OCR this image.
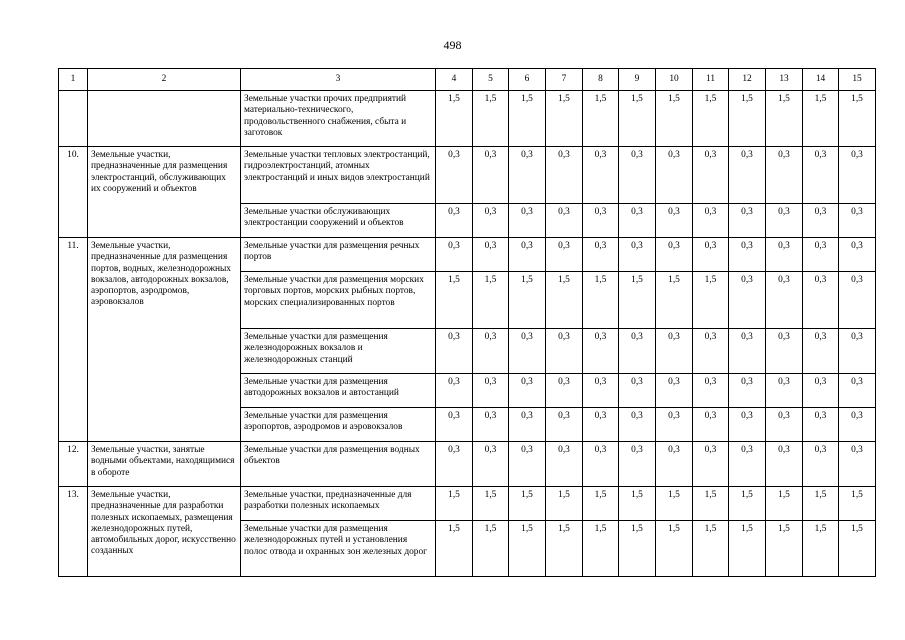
498
1	2	3	4	5	6	7	8	9	10	11	12	13	14	15
		Земельные участки прочих предприятий материально-технического, продовольственного снабжения, сбыта и заготовок	1,5	1,5	1,5	1,5	1,5	1,5	1,5	1,5	1,5	1,5	1,5	1,5
10.	Земельные участки, предназначенные для размещения электростанций, обслуживающих их сооружений и объектов	Земельные участки тепловых электростанций, гидроэлектростанций, атомных электростанций и иных видов электростанций	0,3	0,3	0,3	0,3	0,3	0,3	0,3	0,3	0,3	0,3	0,3	0,3
		Земельные участки обслуживающих электростанции сооружений и объектов	0,3	0,3	0,3	0,3	0,3	0,3	0,3	0,3	0,3	0,3	0,3	0,3
11.	Земельные участки, предназначенные для размещения портов, водных, железнодорожных вокзалов, автодорожных вокзалов, аэропортов, аэродромов, аэровокзалов	Земельные участки для размещения речных портов	0,3	0,3	0,3	0,3	0,3	0,3	0,3	0,3	0,3	0,3	0,3	0,3
		Земельные участки для размещения морских торговых портов, морских рыбных портов, морских специализированных портов	1,5	1,5	1,5	1,5	1,5	1,5	1,5	1,5	0,3	0,3	0,3	0,3
		Земельные участки для размещения железнодорожных вокзалов и железнодорожных станций	0,3	0,3	0,3	0,3	0,3	0,3	0,3	0,3	0,3	0,3	0,3	0,3
		Земельные участки для размещения автодорожных вокзалов и автостанций	0,3	0,3	0,3	0,3	0,3	0,3	0,3	0,3	0,3	0,3	0,3	0,3
		Земельные участки для размещения аэропортов, аэродромов и аэровокзалов	0,3	0,3	0,3	0,3	0,3	0,3	0,3	0,3	0,3	0,3	0,3	0,3
12.	Земельные участки, занятые водными объектами, находящимися в обороте	Земельные участки для размещения водных объектов	0,3	0,3	0,3	0,3	0,3	0,3	0,3	0,3	0,3	0,3	0,3	0,3
13.	Земельные участки, предназначенные для разработки полезных ископаемых, размещения железнодорожных путей, автомобильных дорог, искусственно созданных	Земельные участки, предназначенные для разработки полезных ископаемых	1,5	1,5	1,5	1,5	1,5	1,5	1,5	1,5	1,5	1,5	1,5	1,5
		Земельные участки для размещения железнодорожных путей и установления полос отвода и охранных зон железных дорог	1,5	1,5	1,5	1,5	1,5	1,5	1,5	1,5	1,5	1,5	1,5	1,5
